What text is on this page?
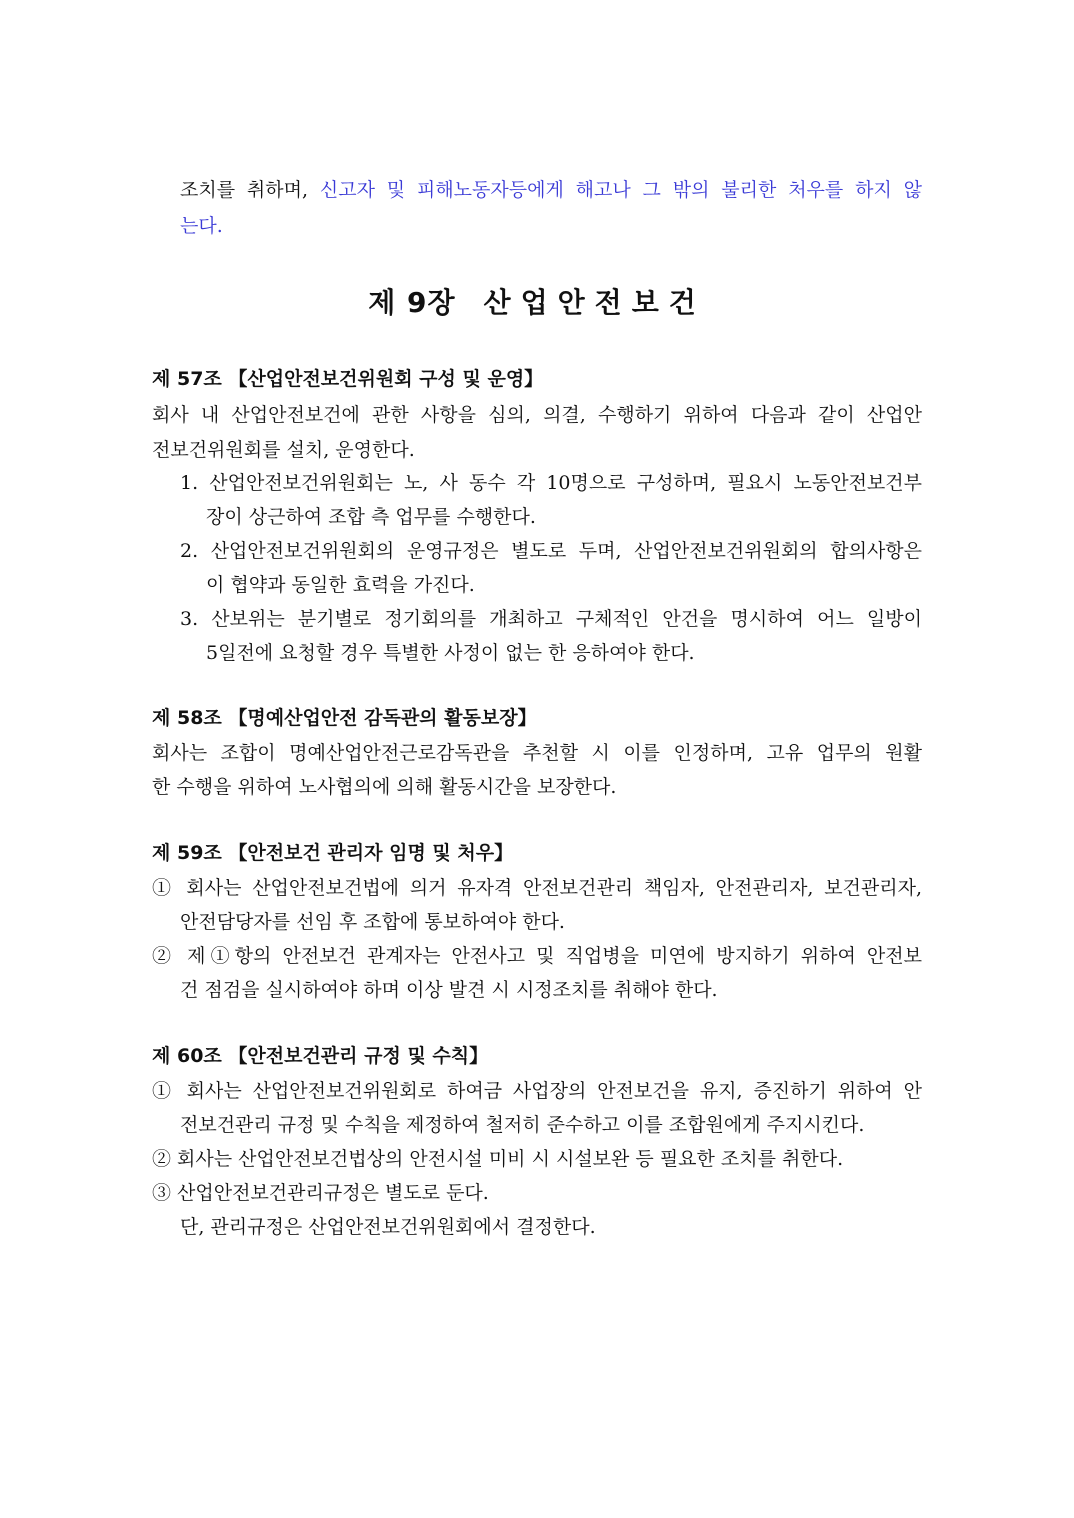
조치를 취하며, 신고자 및 피해노동자등에게 해고나 그 밖의 불리한 처우를 하지 않
는다.
제 9장 산업안전보건
제 57조 【산업안전보건위원회 구성 및 운영】
회사 내 산업안전보건에 관한 사항을 심의, 의결, 수행하기 위하여 다음과 같이 산업안
전보건위원회를 설치, 운영한다.
1. 산업안전보건위원회는 노, 사 동수 각 10명으로 구성하며, 필요시 노동안전보건부
장이 상근하여 조합 측 업무를 수행한다.
2. 산업안전보건위원회의 운영규정은 별도로 두며, 산업안전보건위원회의 합의사항은
이 협약과 동일한 효력을 가진다.
3. 산보위는 분기별로 정기회의를 개최하고 구체적인 안건을 명시하여 어느 일방이
5일전에 요청할 경우 특별한 사정이 없는 한 응하여야 한다.
제 58조 【명예산업안전 감독관의 활동보장】
회사는 조합이 명예산업안전근로감독관을 추천할 시 이를 인정하며, 고유 업무의 원활
한 수행을 위하여 노사협의에 의해 활동시간을 보장한다.
제 59조 【안전보건 관리자 임명 및 처우】
① 회사는 산업안전보건법에 의거 유자격 안전보건관리 책임자, 안전관리자, 보건관리자,
안전담당자를 선임 후 조합에 통보하여야 한다.
② 제①항의 안전보건 관계자는 안전사고 및 직업병을 미연에 방지하기 위하여 안전보
건 점검을 실시하여야 하며 이상 발견 시 시정조치를 취해야 한다.
제 60조 【안전보건관리 규정 및 수칙】
① 회사는 산업안전보건위원회로 하여금 사업장의 안전보건을 유지, 증진하기 위하여 안
전보건관리 규정 및 수칙을 제정하여 철저히 준수하고 이를 조합원에게 주지시킨다.
② 회사는 산업안전보건법상의 안전시설 미비 시 시설보완 등 필요한 조치를 취한다.
③ 산업안전보건관리규정은 별도로 둔다.
단, 관리규정은 산업안전보건위원회에서 결정한다.
